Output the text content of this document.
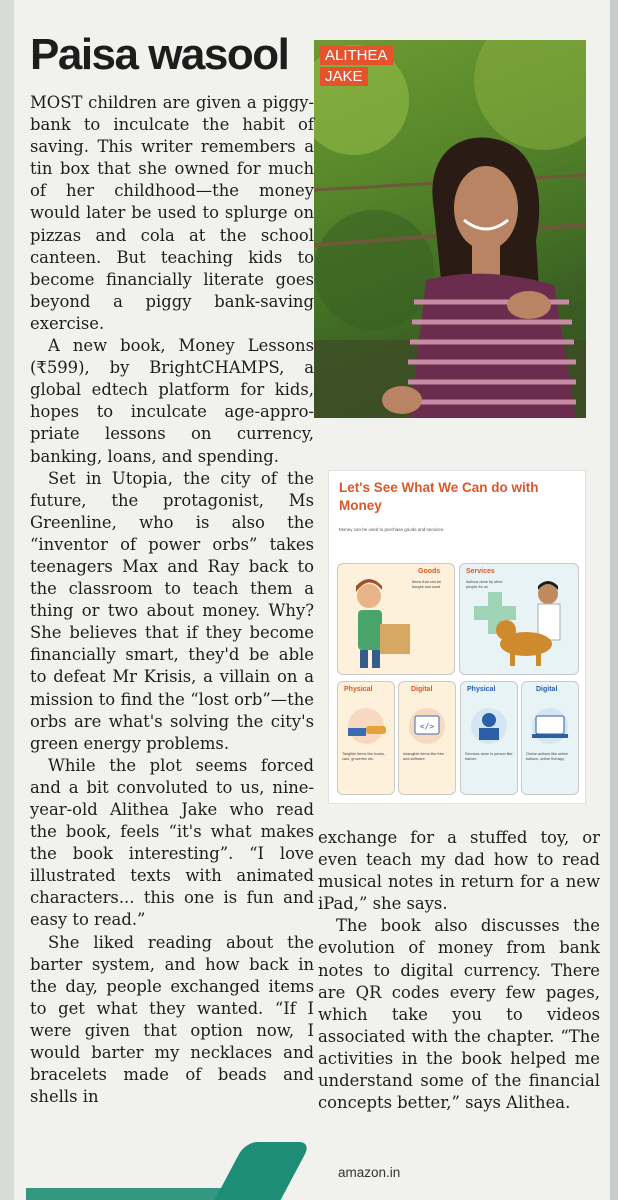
Paisa wasool	ALITHEA
JAKE
Let's See What We Can do with Money
Money can be used to purchase goods and services.
Goods
Items that can be bought and used
Services
Actions done by other people for us
Physical
Tangible items like books, cars, groceries etc.
Digital
</>
Intangible items like free and software
Physical
Services done in person like barber.
Digital
Online actions like online tuitions, online therapy

MOST children are given a piggy-bank to inculcate the habit of saving. This writer remembers a tin box that she owned for much of her childhood—the money would later be used to splurge on pizzas and cola at the school canteen. But teaching kids to become financially literate goes beyond a piggy bank-saving exercise.

A new book, Money Lessons (₹599), by BrightCHAMPS, a global edtech platform for kids, hopes to inculcate age-appropriate lessons on currency, banking, loans, and spending.

Set in Utopia, the city of the future, the protagonist, Ms Greenline, who is also the “inventor of power orbs” takes teenagers Max and Ray back to the classroom to teach them a thing or two about money. Why? She believes that if they become financially smart, they'd be able to defeat Mr Krisis, a villain on a mission to find the “lost orb”—the orbs are what's solving the city's green energy problems.

While the plot seems forced and a bit convoluted to us, nine-year-old Alithea Jake who read the book, feels “it's what makes the book interesting”. “I love illustrated texts with animated characters... this one is fun and easy to read.”

She liked reading about the barter system, and how back in the day, people exchanged items to get what they wanted. “If I were given that option now, I would barter my necklaces and bracelets made of beads and shells in

exchange for a stuffed toy, or even teach my dad how to read musical notes in return for a new iPad,” she says.

The book also discusses the evolution of money from bank notes to digital currency. There are QR codes every few pages, which take you to videos associated with the chapter. “The activities in the book helped me understand some of the financial concepts better,” says Alithea.

amazon.in
